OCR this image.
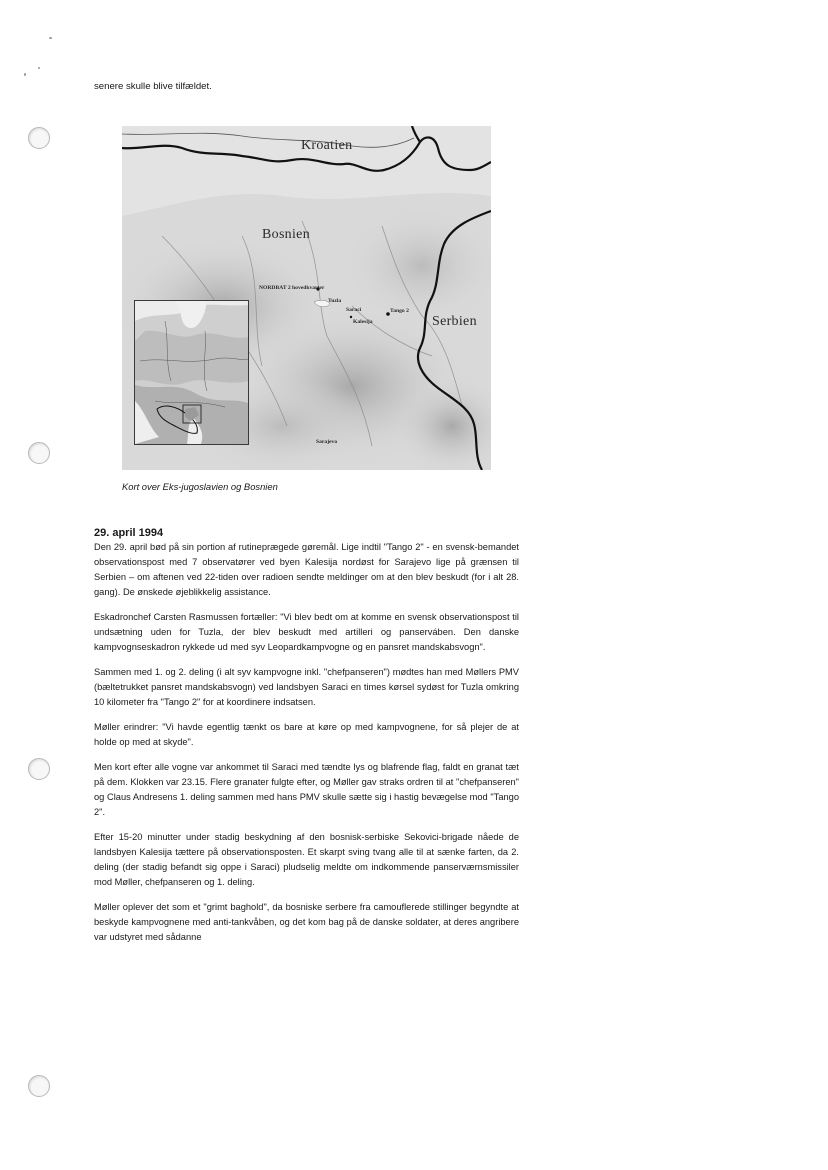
senere skulle blive tilfældet.
Kroatien
Bosnien
Serbien
NORDBAT 2 hovedkvarter
Tuzla
Saraci
Kalesija
Tango 2
Sarajevo
Kort over Eks-jugoslavien og Bosnien
29. april 1994

Den 29. april bød på sin portion af rutineprægede gøremål. Lige indtil "Tango 2" - en svensk-bemandet observationspost med 7 observatører ved byen Kalesija nordøst for Sarajevo lige på grænsen til Serbien – om aftenen ved 22-tiden over radioen sendte meldinger om at den blev beskudt (for i alt 28. gang). De ønskede øjeblikkelig assistance.

Eskadronchef Carsten Rasmussen fortæller: "Vi blev bedt om at komme en svensk observationspost til undsætning uden for Tuzla, der blev beskudt med artilleri og panserváben. Den danske kampvognseskadron rykkede ud med syv Leopardkampvogne og en pansret mandskabsvogn".

Sammen med 1. og 2. deling (i alt syv kampvogne inkl. "chefpanseren") mødtes han med Møllers PMV (bæltetrukket pansret mandskabsvogn) ved landsbyen Saraci en times kørsel sydøst for Tuzla omkring 10 kilometer fra "Tango 2" for at koordinere indsatsen.

Møller erindrer: "Vi havde egentlig tænkt os bare at køre op med kampvognene, for så plejer de at holde op med at skyde".

Men kort efter alle vogne var ankommet til Saraci med tændte lys og blafrende flag, faldt en granat tæt på dem. Klokken var 23.15. Flere granater fulgte efter, og Møller gav straks ordren til at "chefpanseren" og Claus Andresens 1. deling sammen med hans PMV skulle sætte sig i hastig bevægelse mod "Tango 2".

Efter 15-20 minutter under stadig beskydning af den bosnisk-serbiske Sekovici-brigade nåede de landsbyen Kalesija tættere på observationsposten. Et skarpt sving tvang alle til at sænke farten, da 2. deling (der stadig befandt sig oppe i Saraci) pludselig meldte om indkommende panserværnsmissiler mod Møller, chefpanseren og 1. deling.

Møller oplever det som et "grimt baghold", da bosniske serbere fra camouflerede stillinger begyndte at beskyde kampvognene med anti-tankvåben, og det kom bag på de danske soldater, at deres angribere var udstyret med sådanne
